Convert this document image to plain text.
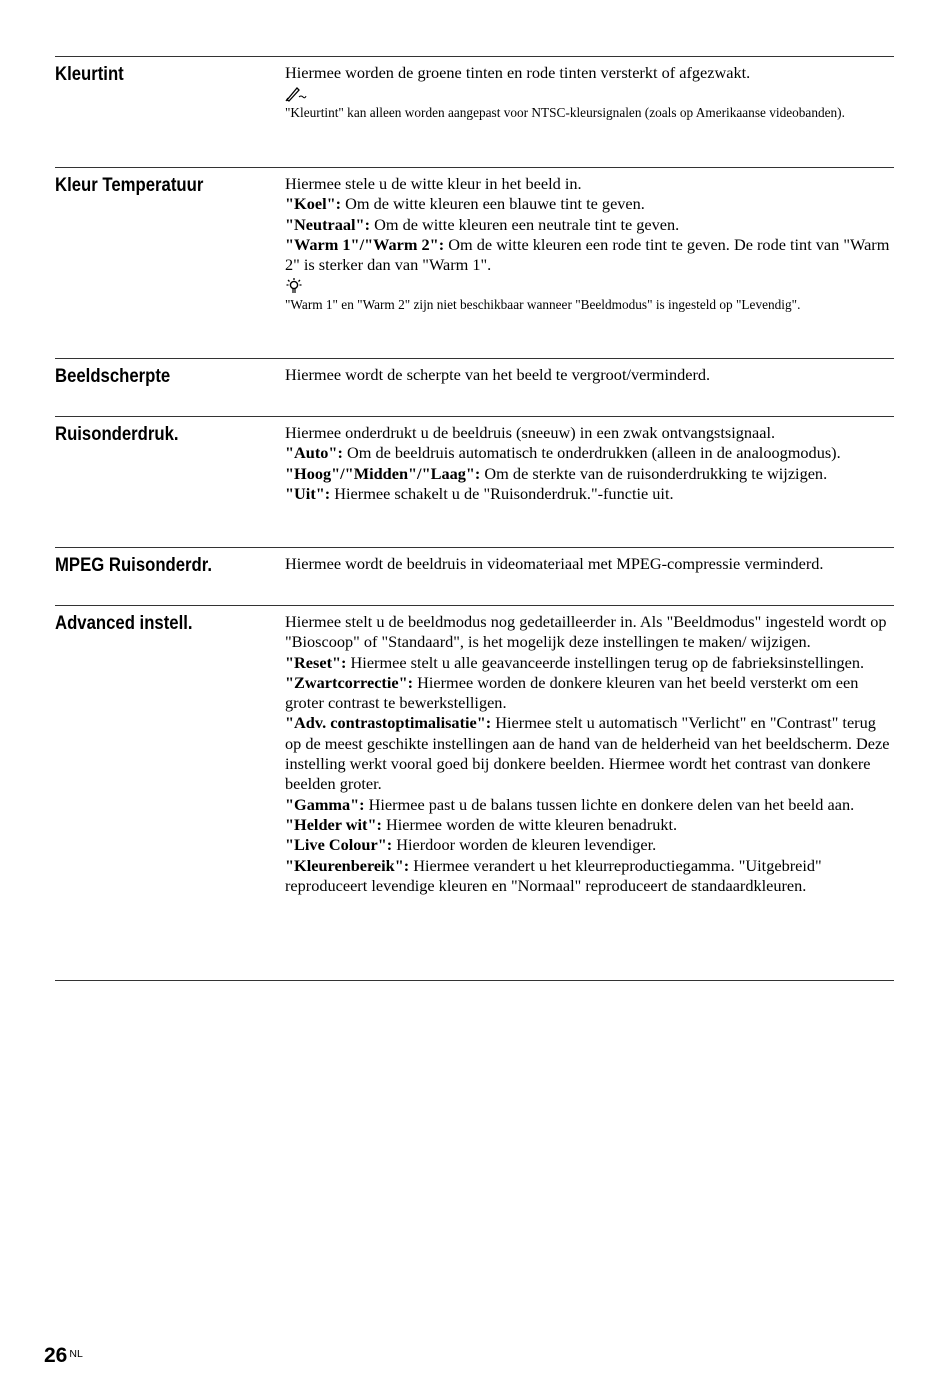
Kleurtint	Hiermee worden de groene tinten en rode tinten versterkt of afgezwakt.

"Kleurtint" kan alleen worden aangepast voor NTSC-kleursignalen (zoals op Amerikaanse videobanden).

Kleur Temperatuur	Hiermee stele u de witte kleur in het beeld in.

"Koel": Om de witte kleuren een blauwe tint te geven.

"Neutraal": Om de witte kleuren een neutrale tint te geven.

"Warm 1"/"Warm 2": Om de witte kleuren een rode tint te geven. De rode tint van "Warm 2" is sterker dan van "Warm 1".

"Warm 1" en "Warm 2" zijn niet beschikbaar wanneer "Beeldmodus" is ingesteld op "Levendig".

Beeldscherpte	Hiermee wordt de scherpte van het beeld te vergroot/verminderd.

Ruisonderdruk.	Hiermee onderdrukt u de beeldruis (sneeuw) in een zwak ontvangstsignaal.

"Auto": Om de beeldruis automatisch te onderdrukken (alleen in de analoogmodus).

"Hoog"/"Midden"/"Laag": Om de sterkte van de ruisonderdrukking te wijzigen.

"Uit": Hiermee schakelt u de "Ruisonderdruk."-functie uit.

MPEG Ruisonderdr.	Hiermee wordt de beeldruis in videomateriaal met MPEG-compressie verminderd.

Advanced instell.	Hiermee stelt u de beeldmodus nog gedetailleerder in. Als "Beeldmodus" ingesteld wordt op "Bioscoop" of "Standaard", is het mogelijk deze instellingen te maken/ wijzigen.

"Reset": Hiermee stelt u alle geavanceerde instellingen terug op de fabrieksinstellingen.

"Zwartcorrectie": Hiermee worden de donkere kleuren van het beeld versterkt om een groter contrast te bewerkstelligen.

"Adv. contrastoptimalisatie": Hiermee stelt u automatisch "Verlicht" en "Contrast" terug op de meest geschikte instellingen aan de hand van de helderheid van het beeldscherm. Deze instelling werkt vooral goed bij donkere beelden. Hiermee wordt het contrast van donkere beelden groter.

"Gamma": Hiermee past u de balans tussen lichte en donkere delen van het beeld aan.

"Helder wit": Hiermee worden de witte kleuren benadrukt.

"Live Colour": Hierdoor worden de kleuren levendiger.

"Kleurenbereik": Hiermee verandert u het kleurreproductiegamma. "Uitgebreid" reproduceert levendige kleuren en "Normaal" reproduceert de standaardkleuren.

26 $^{NL}$
